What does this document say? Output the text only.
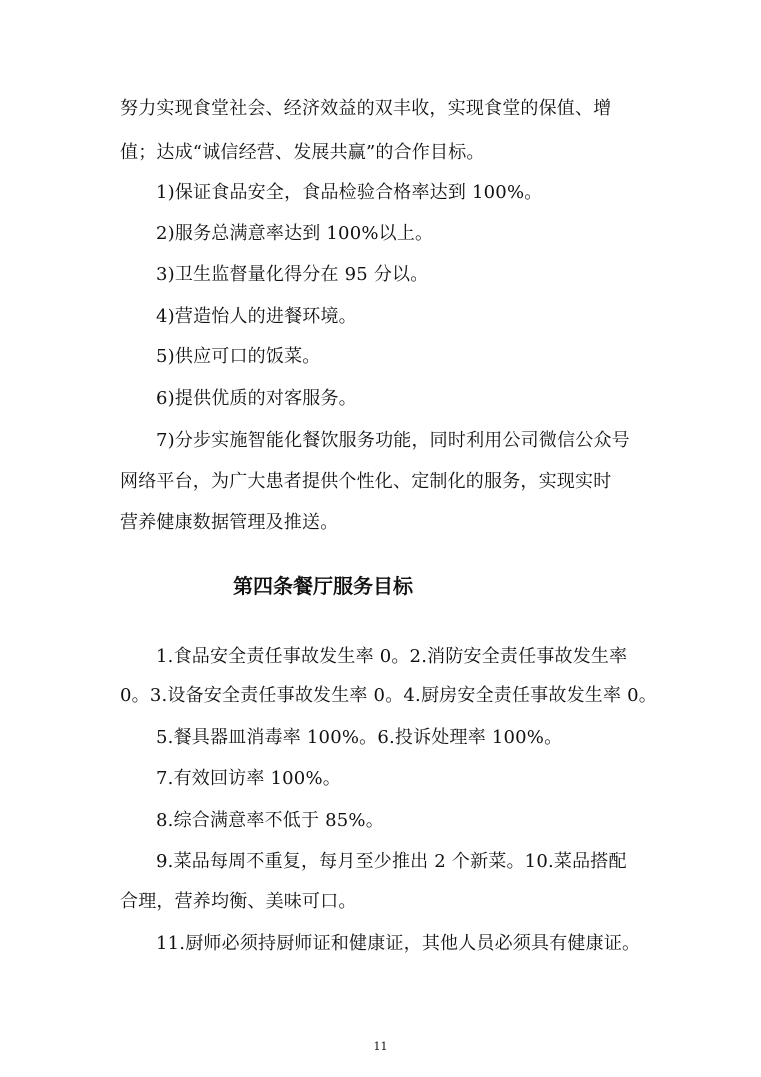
努力实现食堂社会、经济效益的双丰收，实现食堂的保值、增
值；达成“诚信经营、发展共赢”的合作目标。
1)保证食品安全，食品检验合格率达到 100%。
2)服务总满意率达到 100%以上。
3)卫生监督量化得分在 95 分以。
4)营造怡人的进餐环境。
5)供应可口的饭菜。
6)提供优质的对客服务。
7)分步实施智能化餐饮服务功能，同时利用公司微信公众号
网络平台，为广大患者提供个性化、定制化的服务，实现实时
营养健康数据管理及推送。
第四条餐厅服务目标
1.食品安全责任事故发生率 0。2.消防安全责任事故发生率
0。3.设备安全责任事故发生率 0。4.厨房安全责任事故发生率 0。
5.餐具器皿消毒率 100%。6.投诉处理率 100%。
7.有效回访率 100%。
8.综合满意率不低于 85%。
9.菜品每周不重复，每月至少推出 2 个新菜。10.菜品搭配
合理，营养均衡、美味可口。
11.厨师必须持厨师证和健康证，其他人员必须具有健康证。
11
